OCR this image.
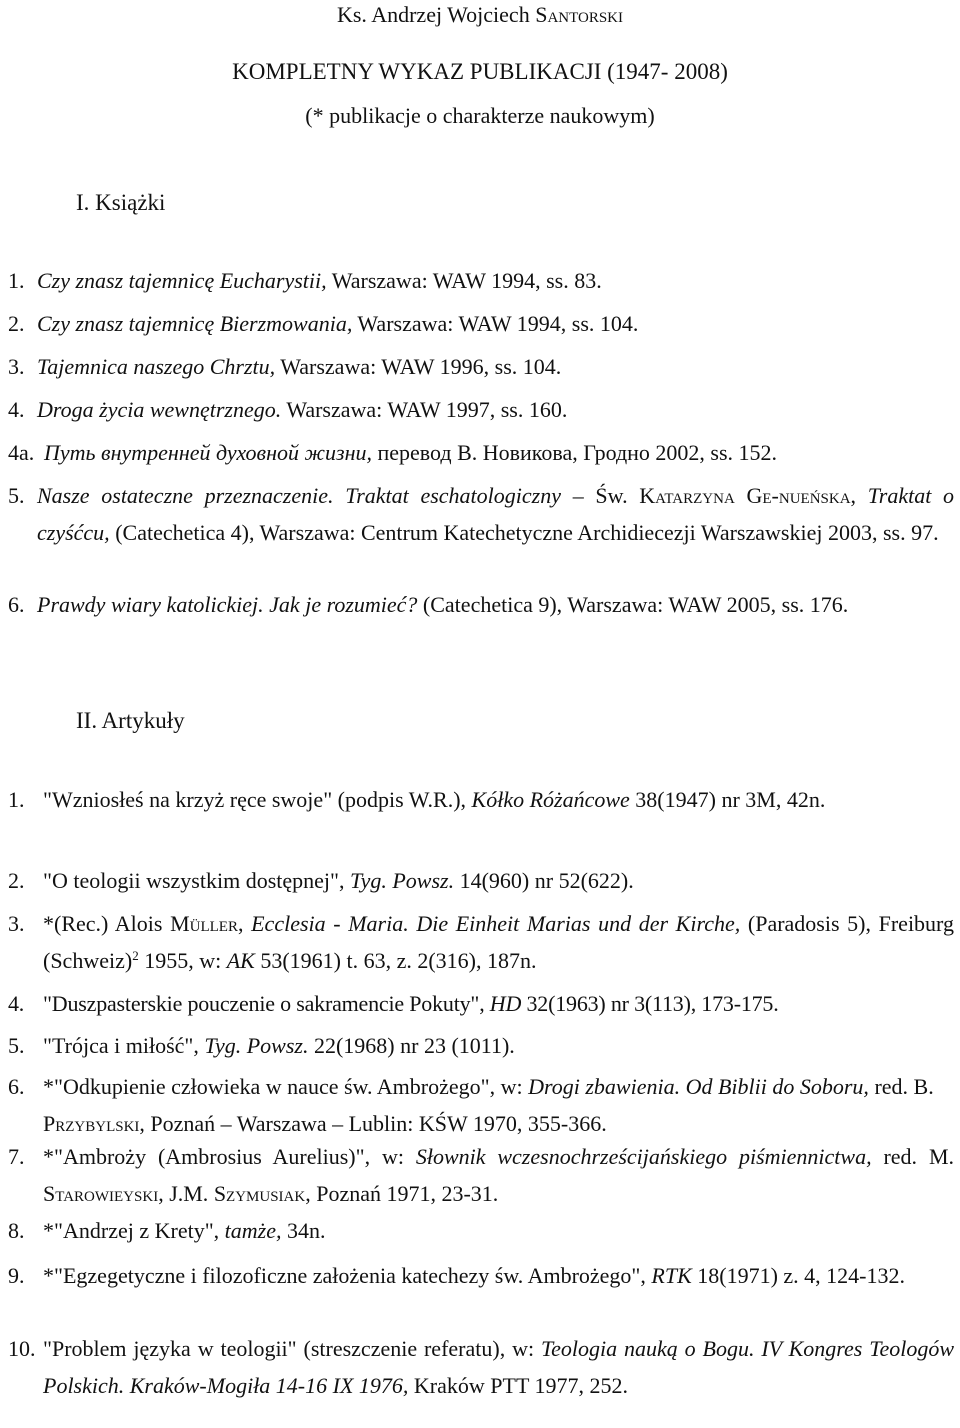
Ks. Andrzej Wojciech Santorski
KOMPLETNY WYKAZ PUBLIKACJI (1947- 2008)
(* publikacje o charakterze naukowym)
I. Książki
1. Czy znasz tajemnicę Eucharystii, Warszawa: WAW 1994, ss. 83.
2. Czy znasz tajemnicę Bierzmowania, Warszawa: WAW 1994, ss. 104.
3. Tajemnica naszego Chrztu, Warszawa: WAW 1996, ss. 104.
4. Droga życia wewnętrznego. Warszawa: WAW 1997, ss. 160.
4a. Путь внутренней духовной жизни, перевод В. Новикова, Гродно 2002, ss. 152.
5. Nasze ostateczne przeznaczenie. Traktat eschatologiczny – Św. Katarzyna Ge-nueńska, Traktat o czyśćcu, (Catechetica 4), Warszawa: Centrum Katechetyczne Archidiecezji Warszawskiej 2003, ss. 97.
6. Prawdy wiary katolickiej. Jak je rozumieć? (Catechetica 9), Warszawa: WAW 2005, ss. 176.
II. Artykuły
1. "Wzniosłeś na krzyż ręce swoje" (podpis W.R.), Kółko Różańcowe 38(1947) nr 3M, 42n.
2. "O teologii wszystkim dostępnej", Tyg. Powsz. 14(960) nr 52(622).
3. *(Rec.) Alois Müller, Ecclesia - Maria. Die Einheit Marias und der Kirche, (Paradosis 5), Freiburg (Schweiz)$^2$ 1955, w: AK 53(1961) t. 63, z. 2(316), 187n.
4. "Duszpasterskie pouczenie o sakramencie Pokuty", HD 32(1963) nr 3(113), 173-175.
5. "Trójca i miłość", Tyg. Powsz. 22(1968) nr 23 (1011).
6. *"Odkupienie człowieka w nauce św. Ambrożego", w: Drogi zbawienia. Od Biblii do Soboru, red. B. Przybylski, Poznań – Warszawa – Lublin: KŚW 1970, 355-366.
7. *"Ambroży (Ambrosius Aurelius)", w: Słownik wczesnochrześcijańskiego piśmiennictwa, red. M. Starowieyski, J.M. Szymusiak, Poznań 1971, 23-31.
8. *"Andrzej z Krety", tamże, 34n.
9. *"Egzegetyczne i filozoficzne założenia katechezy św. Ambrożego", RTK 18(1971) z. 4, 124-132.
10. "Problem języka w teologii" (streszczenie referatu), w: Teologia nauką o Bogu. IV Kongres Teologów Polskich. Kraków-Mogiła 14-16 IX 1976, Kraków PTT 1977, 252.
